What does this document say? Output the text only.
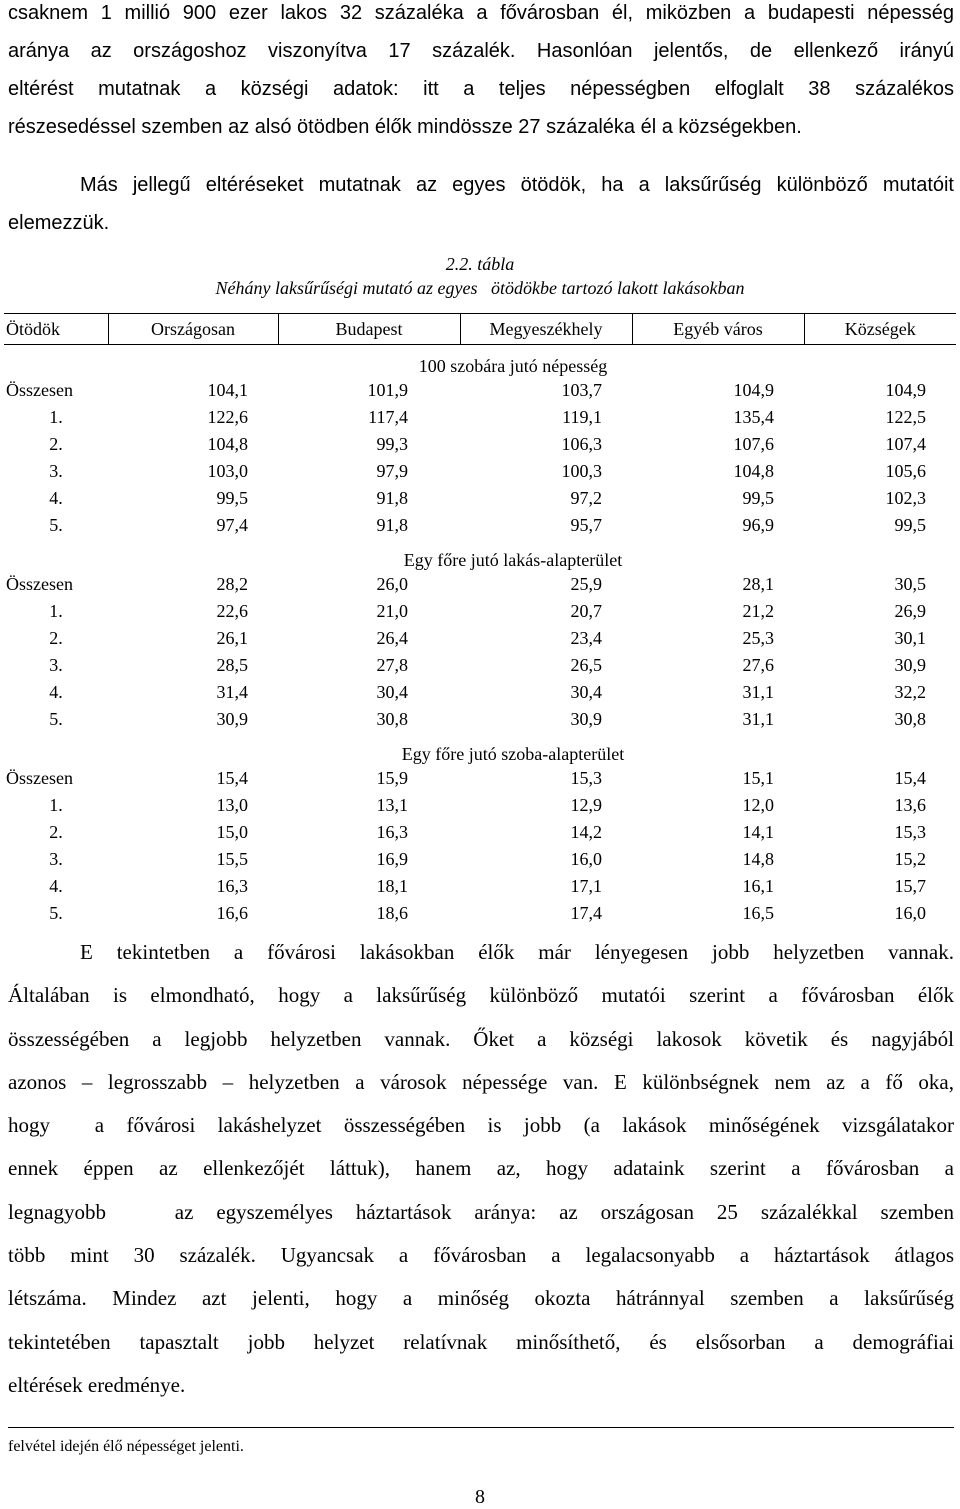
csaknem 1 millió 900 ezer lakos 32 százaléka a fővárosban él, miközben a budapesti népesség
aránya az országoshoz viszonyítva 17 százalék. Hasonlóan jelentős, de ellenkező irányú
eltérést mutatnak a községi adatok: itt a teljes népességben elfoglalt 38 százalékos
részesedéssel szemben az alsó ötödben élők mindössze 27 százaléka él a községekben.
Más jellegű eltéréseket mutatnak az egyes ötödök, ha a laksűrűség különböző mutatóit
elemezzük.
2.2. tábla
Néhány laksűrűségi mutató az egyes   ötödökbe tartozó lakott lakásokban
Ötödök	Országosan	Budapest	Megyeszékhely	Egyéb város	Községek
100 szobára jutó népesség					
Összesen	104,1	101,9	103,7	104,9	104,9
1.	122,6	117,4	119,1	135,4	122,5
2.	104,8	99,3	106,3	107,6	107,4
3.	103,0	97,9	100,3	104,8	105,6
4.	99,5	91,8	97,2	99,5	102,3
5.	97,4	91,8	95,7	96,9	99,5
Egy főre jutó lakás-alapterület					
Összesen	28,2	26,0	25,9	28,1	30,5
1.	22,6	21,0	20,7	21,2	26,9
2.	26,1	26,4	23,4	25,3	30,1
3.	28,5	27,8	26,5	27,6	30,9
4.	31,4	30,4	30,4	31,1	32,2
5.	30,9	30,8	30,9	31,1	30,8
Egy főre jutó szoba-alapterület					
Összesen	15,4	15,9	15,3	15,1	15,4
1.	13,0	13,1	12,9	12,0	13,6
2.	15,0	16,3	14,2	14,1	15,3
3.	15,5	16,9	16,0	14,8	15,2
4.	16,3	18,1	17,1	16,1	15,7
5.	16,6	18,6	17,4	16,5	16,0
E tekintetben a fővárosi lakásokban élők már lényegesen jobb helyzetben vannak.
Általában is elmondható, hogy a laksűrűség különböző mutatói szerint a fővárosban élők
összességében a legjobb helyzetben vannak. Őket a községi lakosok követik és nagyjából
azonos – legrosszabb – helyzetben a városok népessége van. E különbségnek nem az a fő oka,
hogy  a fővárosi lakáshelyzet összességében is jobb (a lakások minőségének vizsgálatakor
ennek éppen az ellenkezőjét láttuk), hanem az, hogy adataink szerint a fővárosban a
legnagyobb   az egyszemélyes háztartások aránya: az országosan 25 százalékkal szemben
több mint 30 százalék. Ugyancsak a fővárosban a legalacsonyabb a háztartások átlagos
létszáma. Mindez azt jelenti, hogy a minőség okozta hátránnyal szemben a laksűrűség
tekintetében tapasztalt jobb helyzet relatívnak minősíthető, és elsősorban a demográfiai
eltérések eredménye.
felvétel idején élő népességet jelenti.
8
